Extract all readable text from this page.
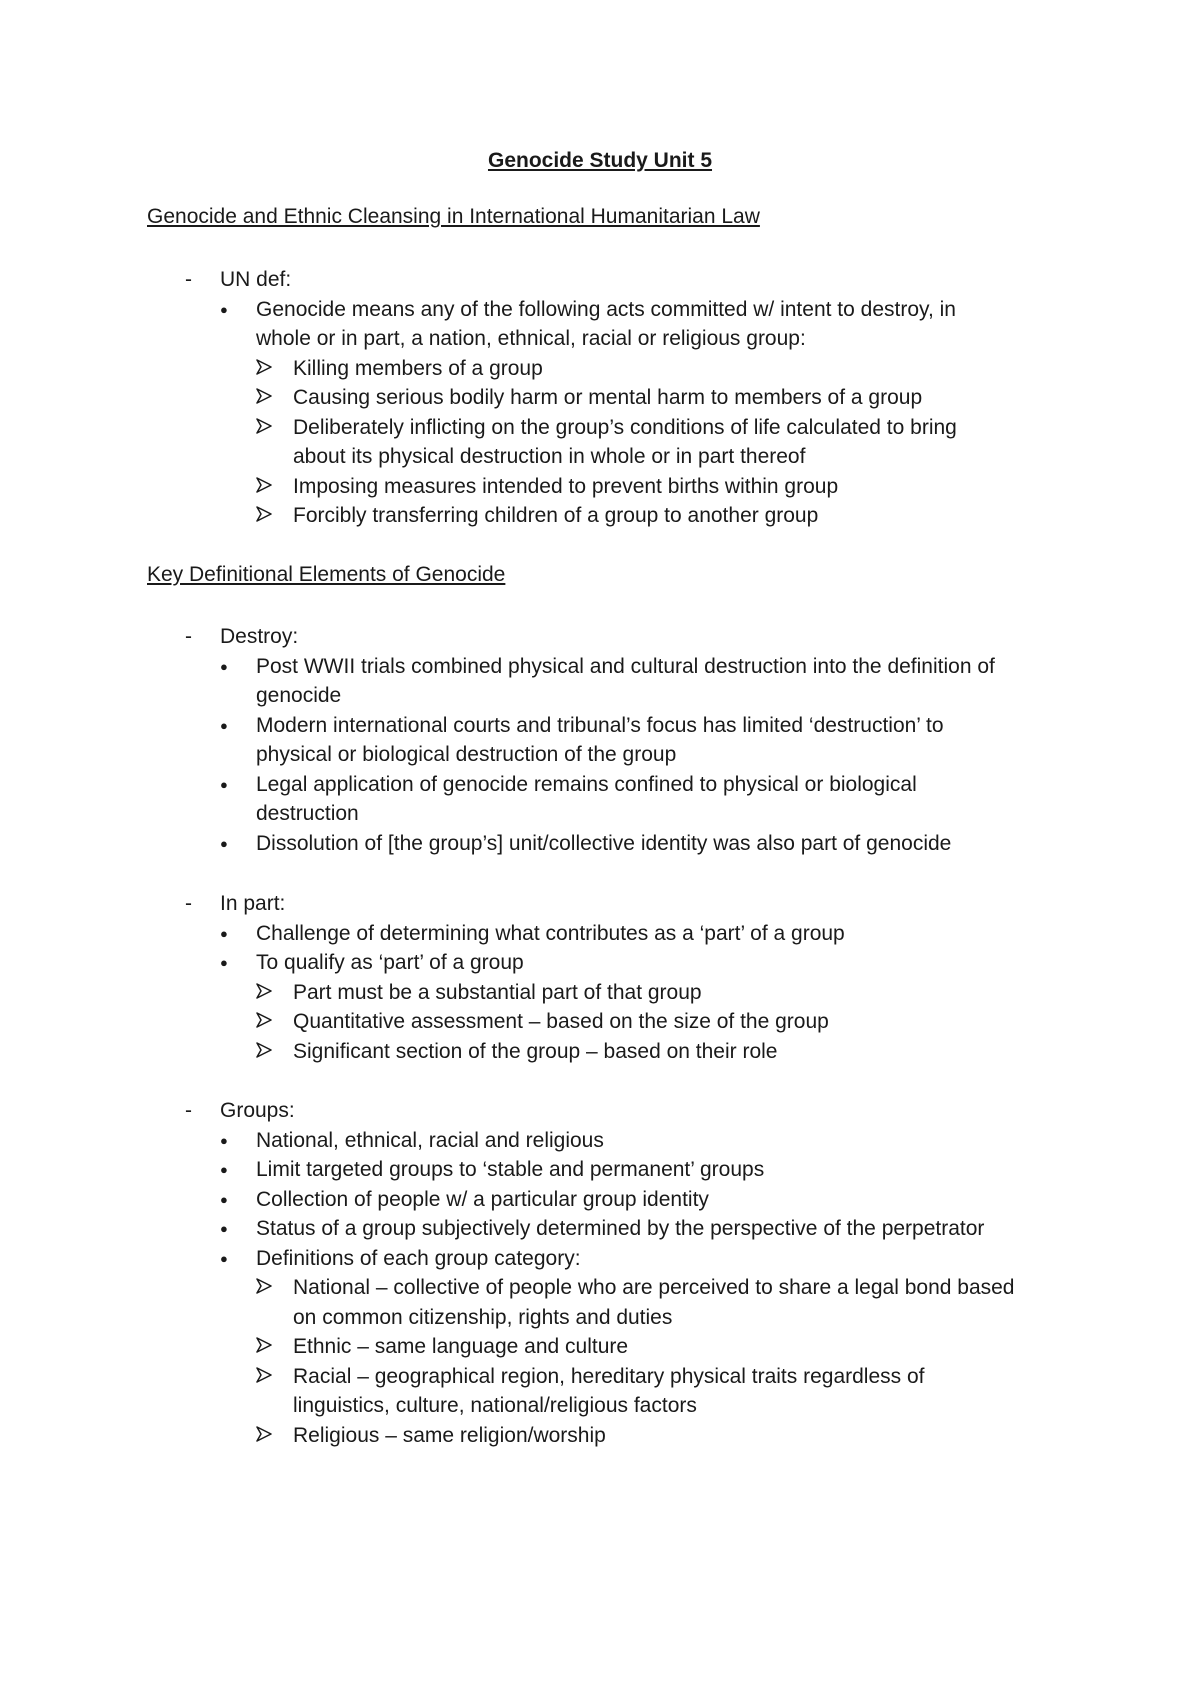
Genocide Study Unit 5
Genocide and Ethnic Cleansing in International Humanitarian Law
- UN def:
● Genocide means any of the following acts committed w/ intent to destroy, in
whole or in part, a nation, ethnical, racial or religious group:
Killing members of a group
Causing serious bodily harm or mental harm to members of a group
Deliberately inflicting on the group’s conditions of life calculated to bring
about its physical destruction in whole or in part thereof
Imposing measures intended to prevent births within group
Forcibly transferring children of a group to another group
Key Definitional Elements of Genocide
- Destroy:
● Post WWII trials combined physical and cultural destruction into the definition of
genocide
● Modern international courts and tribunal’s focus has limited ‘destruction’ to
physical or biological destruction of the group
● Legal application of genocide remains confined to physical or biological
destruction
● Dissolution of [the group’s] unit/collective identity was also part of genocide
- In part:
● Challenge of determining what contributes as a ‘part’ of a group
● To qualify as ‘part’ of a group
Part must be a substantial part of that group
Quantitative assessment – based on the size of the group
Significant section of the group – based on their role
- Groups:
● National, ethnical, racial and religious
● Limit targeted groups to ‘stable and permanent’ groups
● Collection of people w/ a particular group identity
● Status of a group subjectively determined by the perspective of the perpetrator
● Definitions of each group category:
National – collective of people who are perceived to share a legal bond based
on common citizenship, rights and duties
Ethnic – same language and culture
Racial – geographical region, hereditary physical traits regardless of
linguistics, culture, national/religious factors
Religious – same religion/worship
